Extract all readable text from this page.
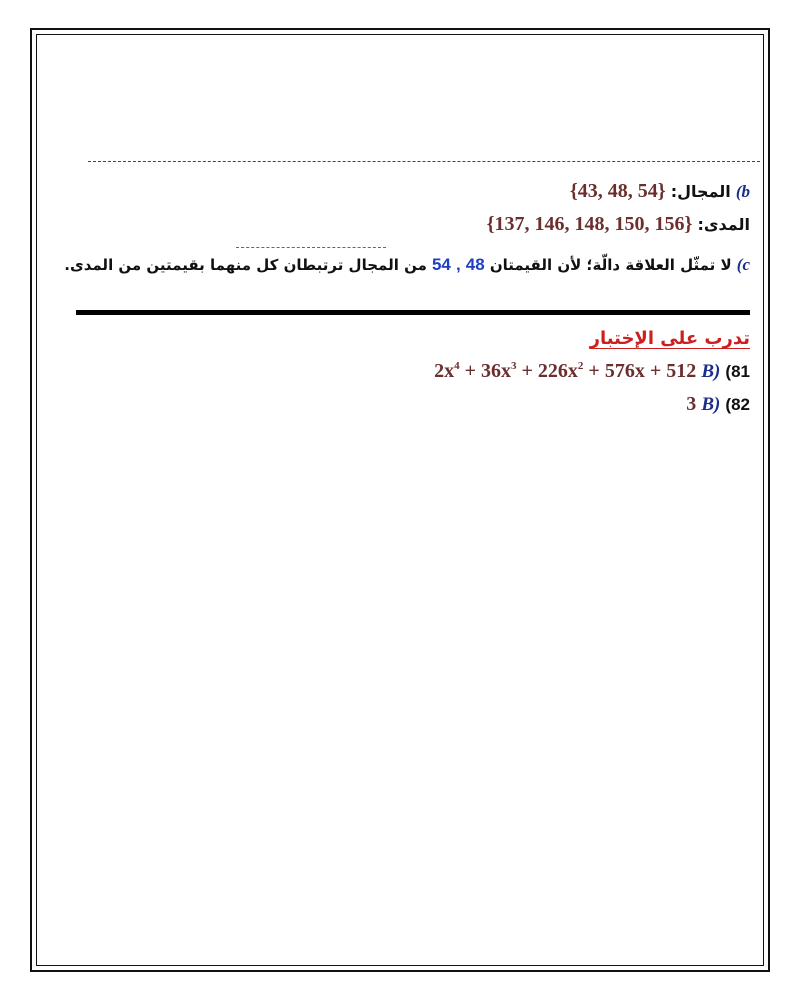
b) المجال: {43, 48, 54}
المدى: {137, 146, 148, 150, 156}
c) لا تمثّل العلاقة دالّة؛ لأن القيمتان 48 , 54 من المجال ترتبطان كل منهما بقيمتين من المدى.
تدرب على الإختبار
(81 (B $2x^4 + 36x^3 + 226x^2 + 576x + 512$
(82 (B 3
